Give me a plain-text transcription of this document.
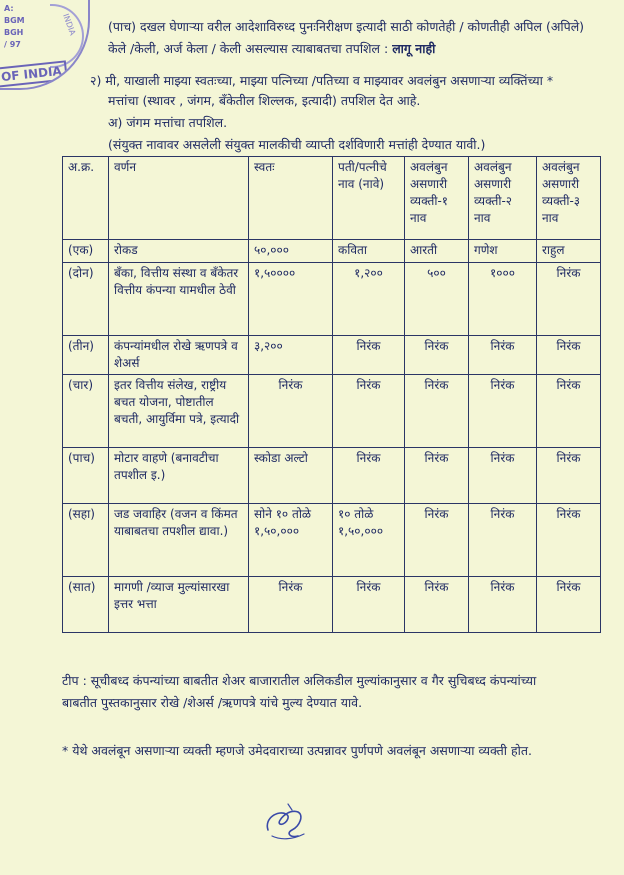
A:
BGM
BGH
/ 97
INDIA
OF INDIA
(पाच) दखल घेणाऱ्या वरील आदेशाविरुध्द पुनःनिरीक्षण इत्यादी साठी कोणतेही / कोणतीही अपिल (अपिले)
केले /केली, अर्ज केला / केली असल्यास त्याबाबतचा तपशिल : लागू नाही
२) मी, याखाली माझ्या स्वतःच्या, माझ्या पत्निच्या /पतिच्या व माझ्यावर अवलंबुन असणाऱ्या व्यक्तिंच्या *
मत्तांचा (स्थावर , जंगम, बँकेतील शिल्लक, इत्यादी) तपशिल देत आहे.
अ) जंगम मत्तांचा तपशिल.
(संयुक्त नावावर असलेली संयुक्त मालकीची व्याप्ती दर्शविणारी मत्तांही देण्यात यावी.)
अ.क्र.	वर्णन	स्वतः	पती/पत्नीचे नाव (नावे)	अवलंबुन असणारी व्यक्ती-१ नाव	अवलंबुन असणारी व्यक्ती-२ नाव	अवलंबुन असणारी व्यक्ती-३ नाव
(एक)	रोकड	५०,०००	कविता	आरती	गणेश	राहुल
(दोन)	बँका, वित्तीय संस्था व बँकेतर वित्तीय कंपन्या यामधील ठेवी	१,५००००	१,२००	५००	१०००	निरंक
(तीन)	कंपन्यांमधील रोखे ऋणपत्रे व शेअर्स	३,२००	निरंक	निरंक	निरंक	निरंक
(चार)	इतर वित्तीय संलेख, राष्ट्रीय बचत योजना, पोष्टातील बचती, आयुर्विमा पत्रे, इत्यादी	निरंक	निरंक	निरंक	निरंक	निरंक
(पाच)	मोटार वाहणे (बनावटीचा तपशील इ.)	स्कोडा अल्टो	निरंक	निरंक	निरंक	निरंक
(सहा)	जड जवाहिर (वजन व किंमत याबाबतचा तपशील द्यावा.)	सोने १० तोळे १,५०,०००	१० तोळे १,५०,०००	निरंक	निरंक	निरंक
(सात)	मागणी /व्याज मुल्यांसारखा इत्तर भत्ता	निरंक	निरंक	निरंक	निरंक	निरंक
टीप : सूचीबध्द कंपन्यांच्या बाबतीत शेअर बाजारातील अलिकडील मुल्यांकानुसार व गैर सुचिबध्द कंपन्यांच्या
बाबतीत पुस्तकानुसार रोखे /शेअर्स /ऋणपत्रे यांचे मुल्य देण्यात यावे.
* येथे अवलंबून असणाऱ्या व्यक्ती म्हणजे उमेदवाराच्या उत्पन्नावर पुर्णपणे अवलंबून असणाऱ्या व्यक्ती होत.
